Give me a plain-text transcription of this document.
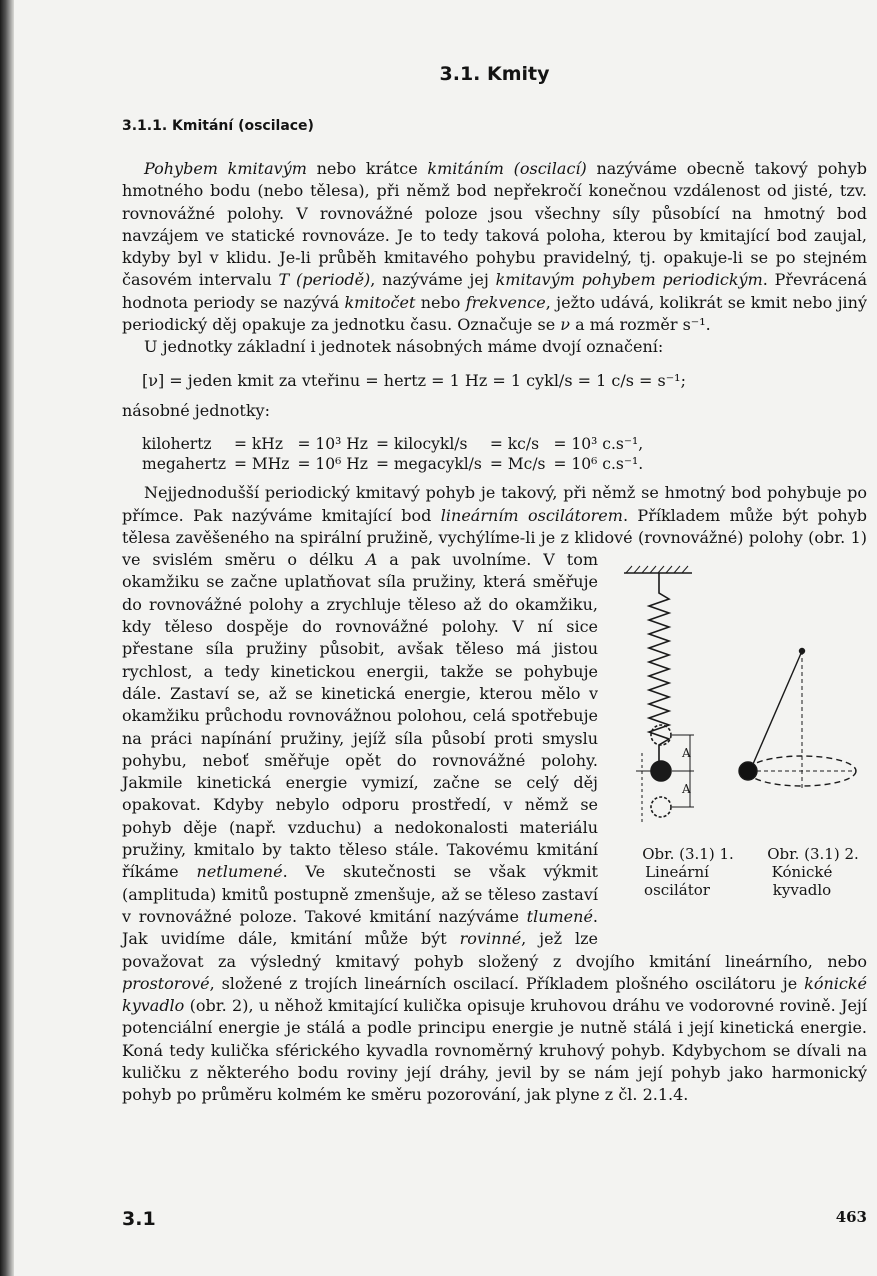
3.1. Kmity
3.1.1. Kmitání (oscilace)

Pohybem kmitavým nebo krátce kmitáním (oscilací) nazýváme obecně takový pohyb hmotného bodu (nebo tělesa), při němž bod nepřekročí konečnou vzdálenost od jisté, tzv. rovnovážné polohy. V rovnovážné poloze jsou všechny síly působící na hmotný bod navzájem ve statické rovnováze. Je to tedy taková poloha, kterou by kmitající bod zaujal, kdyby byl v klidu. Je-li průběh kmitavého pohybu pravidelný, tj. opakuje-li se po stejném časovém intervalu T (periodě), nazýváme jej kmitavým pohybem periodickým. Převrácená hodnota periody se nazývá kmitočet nebo frekvence, ježto udává, kolikrát se kmit nebo jiný periodický děj opakuje za jednotku času. Označuje se ν a má rozměr s⁻¹.

U jednotky základní i jednotek násobných máme dvojí označení:

[ν] = jeden kmit za vteřinu = hertz = 1 Hz = 1 cykl/s = 1 c/s = s⁻¹;

násobné jednotky:

kilohertz	= kHz	= 10³ Hz	= kilocykl/s	= kc/s	= 10³ c.s⁻¹,
megahertz	= MHz	= 10⁶ Hz	= megacykl/s	= Mc/s	= 10⁶ c.s⁻¹.

Nejjednodušší periodický kmitavý pohyb je takový, při němž se hmotný bod pohybuje po přímce. Pak nazýváme kmitající bod lineárním oscilátorem. Příkladem může být pohyb tělesa zavěšeného na spirální pružině, vychýlíme-li je z klidové (rovnovážné) polohy (obr. 1) ve svislém směru o délku
A
A
Obr. (3.1) 1.
Lineární
oscilátor
Obr. (3.1) 2.
Kónické
kyvadlo
A a pak uvolníme. V tom okamžiku se začne uplatňovat síla pružiny, která směřuje do rovnovážné polohy a zrychluje těleso až do okamžiku, kdy těleso dospěje do rovnovážné polohy. V ní sice přestane síla pružiny působit, avšak těleso má jistou rychlost, a tedy kinetickou energii, takže se pohybuje dále. Zastaví se, až se kinetická energie, kterou mělo v okamžiku průchodu rovnovážnou polohou, celá spotřebuje na práci napínání pružiny, jejíž síla působí proti smyslu pohybu, neboť směřuje opět do rovnovážné polohy. Jakmile kinetická energie vymizí, začne se celý děj opakovat. Kdyby nebylo odporu prostředí, v němž se pohyb děje (např. vzduchu) a nedokonalosti materiálu pružiny, kmitalo by takto těleso stále. Takovému kmitání říkáme netlumené. Ve skutečnosti se však výkmit (amplituda) kmitů postupně zmenšuje, až se těleso zastaví v rovnovážné poloze. Takové kmitání nazýváme tlumené. Jak uvidíme dále, kmitání může být rovinné, jež lze považovat za výsledný kmitavý pohyb složený z dvojího kmitání lineárního, nebo prostorové, složené z trojích lineárních oscilací. Příkladem plošného oscilátoru je kónické kyvadlo (obr. 2), u něhož kmitající kulička opisuje kruhovou dráhu ve vodorovné rovině. Její potenciální energie je stálá a podle principu energie je nutně stálá i její kinetická energie. Koná tedy kulička sférického kyvadla rovnoměrný kruhový pohyb. Kdybychom se dívali na kuličku z některého bodu roviny její dráhy, jevil by se nám její pohyb jako harmonický pohyb po průměru kolmém ke směru pozorování, jak plyne z čl. 2.1.4.

3.1	463
